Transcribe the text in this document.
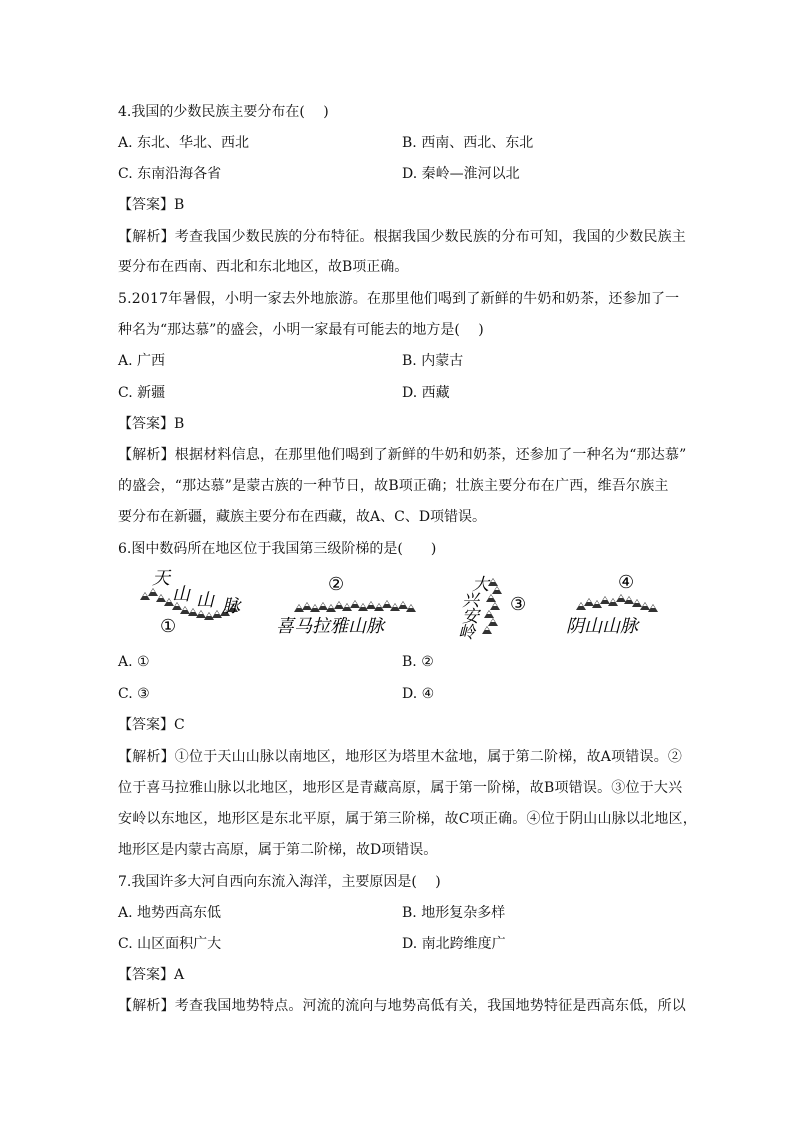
4.我国的少数民族主要分布在(　 )
A. 东北、华北、西北	B. 西南、西北、东北
C. 东南沿海各省	D. 秦岭—淮河以北
【答案】B
【解析】考查我国少数民族的分布特征。根据我国少数民族的分布可知，我国的少数民族主
要分布在西南、西北和东北地区，故B项正确。
5.2017年暑假，小明一家去外地旅游。在那里他们喝到了新鲜的牛奶和奶茶，还参加了一
种名为“那达慕”的盛会，小明一家最有可能去的地方是(　 )
A. 广西	B. 内蒙古
C. 新疆	D. 西藏
【答案】B
【解析】根据材料信息，在那里他们喝到了新鲜的牛奶和奶茶，还参加了一种名为“那达慕”
的盛会，“那达慕”是蒙古族的一种节日，故B项正确；壮族主要分布在广西，维吾尔族主
要分布在新疆，藏族主要分布在西藏，故A、C、D项错误。
6.图中数码所在地区位于我国第三级阶梯的是(　　)
天
山 山 脉
①
②
喜马拉雅山脉
大
兴
安
岭
③
④
阴山山脉
A. ①	B. ②
C. ③	D. ④
【答案】C
【解析】①位于天山山脉以南地区，地形区为塔里木盆地，属于第二阶梯，故A项错误。②
位于喜马拉雅山脉以北地区，地形区是青藏高原，属于第一阶梯，故B项错误。③位于大兴
安岭以东地区，地形区是东北平原，属于第三阶梯，故C项正确。④位于阴山山脉以北地区，
地形区是内蒙古高原，属于第二阶梯，故D项错误。
7.我国许多大河自西向东流入海洋，主要原因是(　 )
A. 地势西高东低	B. 地形复杂多样
C. 山区面积广大	D. 南北跨维度广
【答案】A
【解析】考查我国地势特点。河流的流向与地势高低有关，我国地势特征是西高东低，所以
